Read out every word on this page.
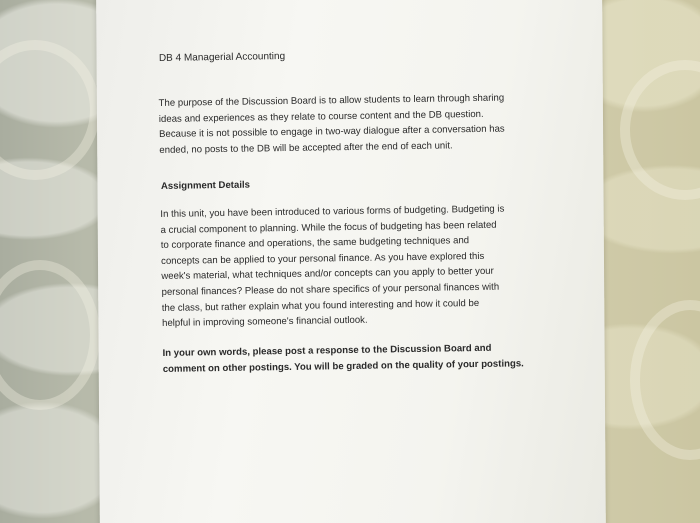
DB 4 Managerial Accounting
The purpose of the Discussion Board is to allow students to learn through sharing
ideas and experiences as they relate to course content and the DB question.
Because it is not possible to engage in two-way dialogue after a conversation has
ended, no posts to the DB will be accepted after the end of each unit.
Assignment Details
In this unit, you have been introduced to various forms of budgeting. Budgeting is
a crucial component to planning. While the focus of budgeting has been related
to corporate finance and operations, the same budgeting techniques and
concepts can be applied to your personal finance. As you have explored this
week's material, what techniques and/or concepts can you apply to better your
personal finances? Please do not share specifics of your personal finances with
the class, but rather explain what you found interesting and how it could be
helpful in improving someone's financial outlook.
In your own words, please post a response to the Discussion Board and
comment on other postings. You will be graded on the quality of your postings.
